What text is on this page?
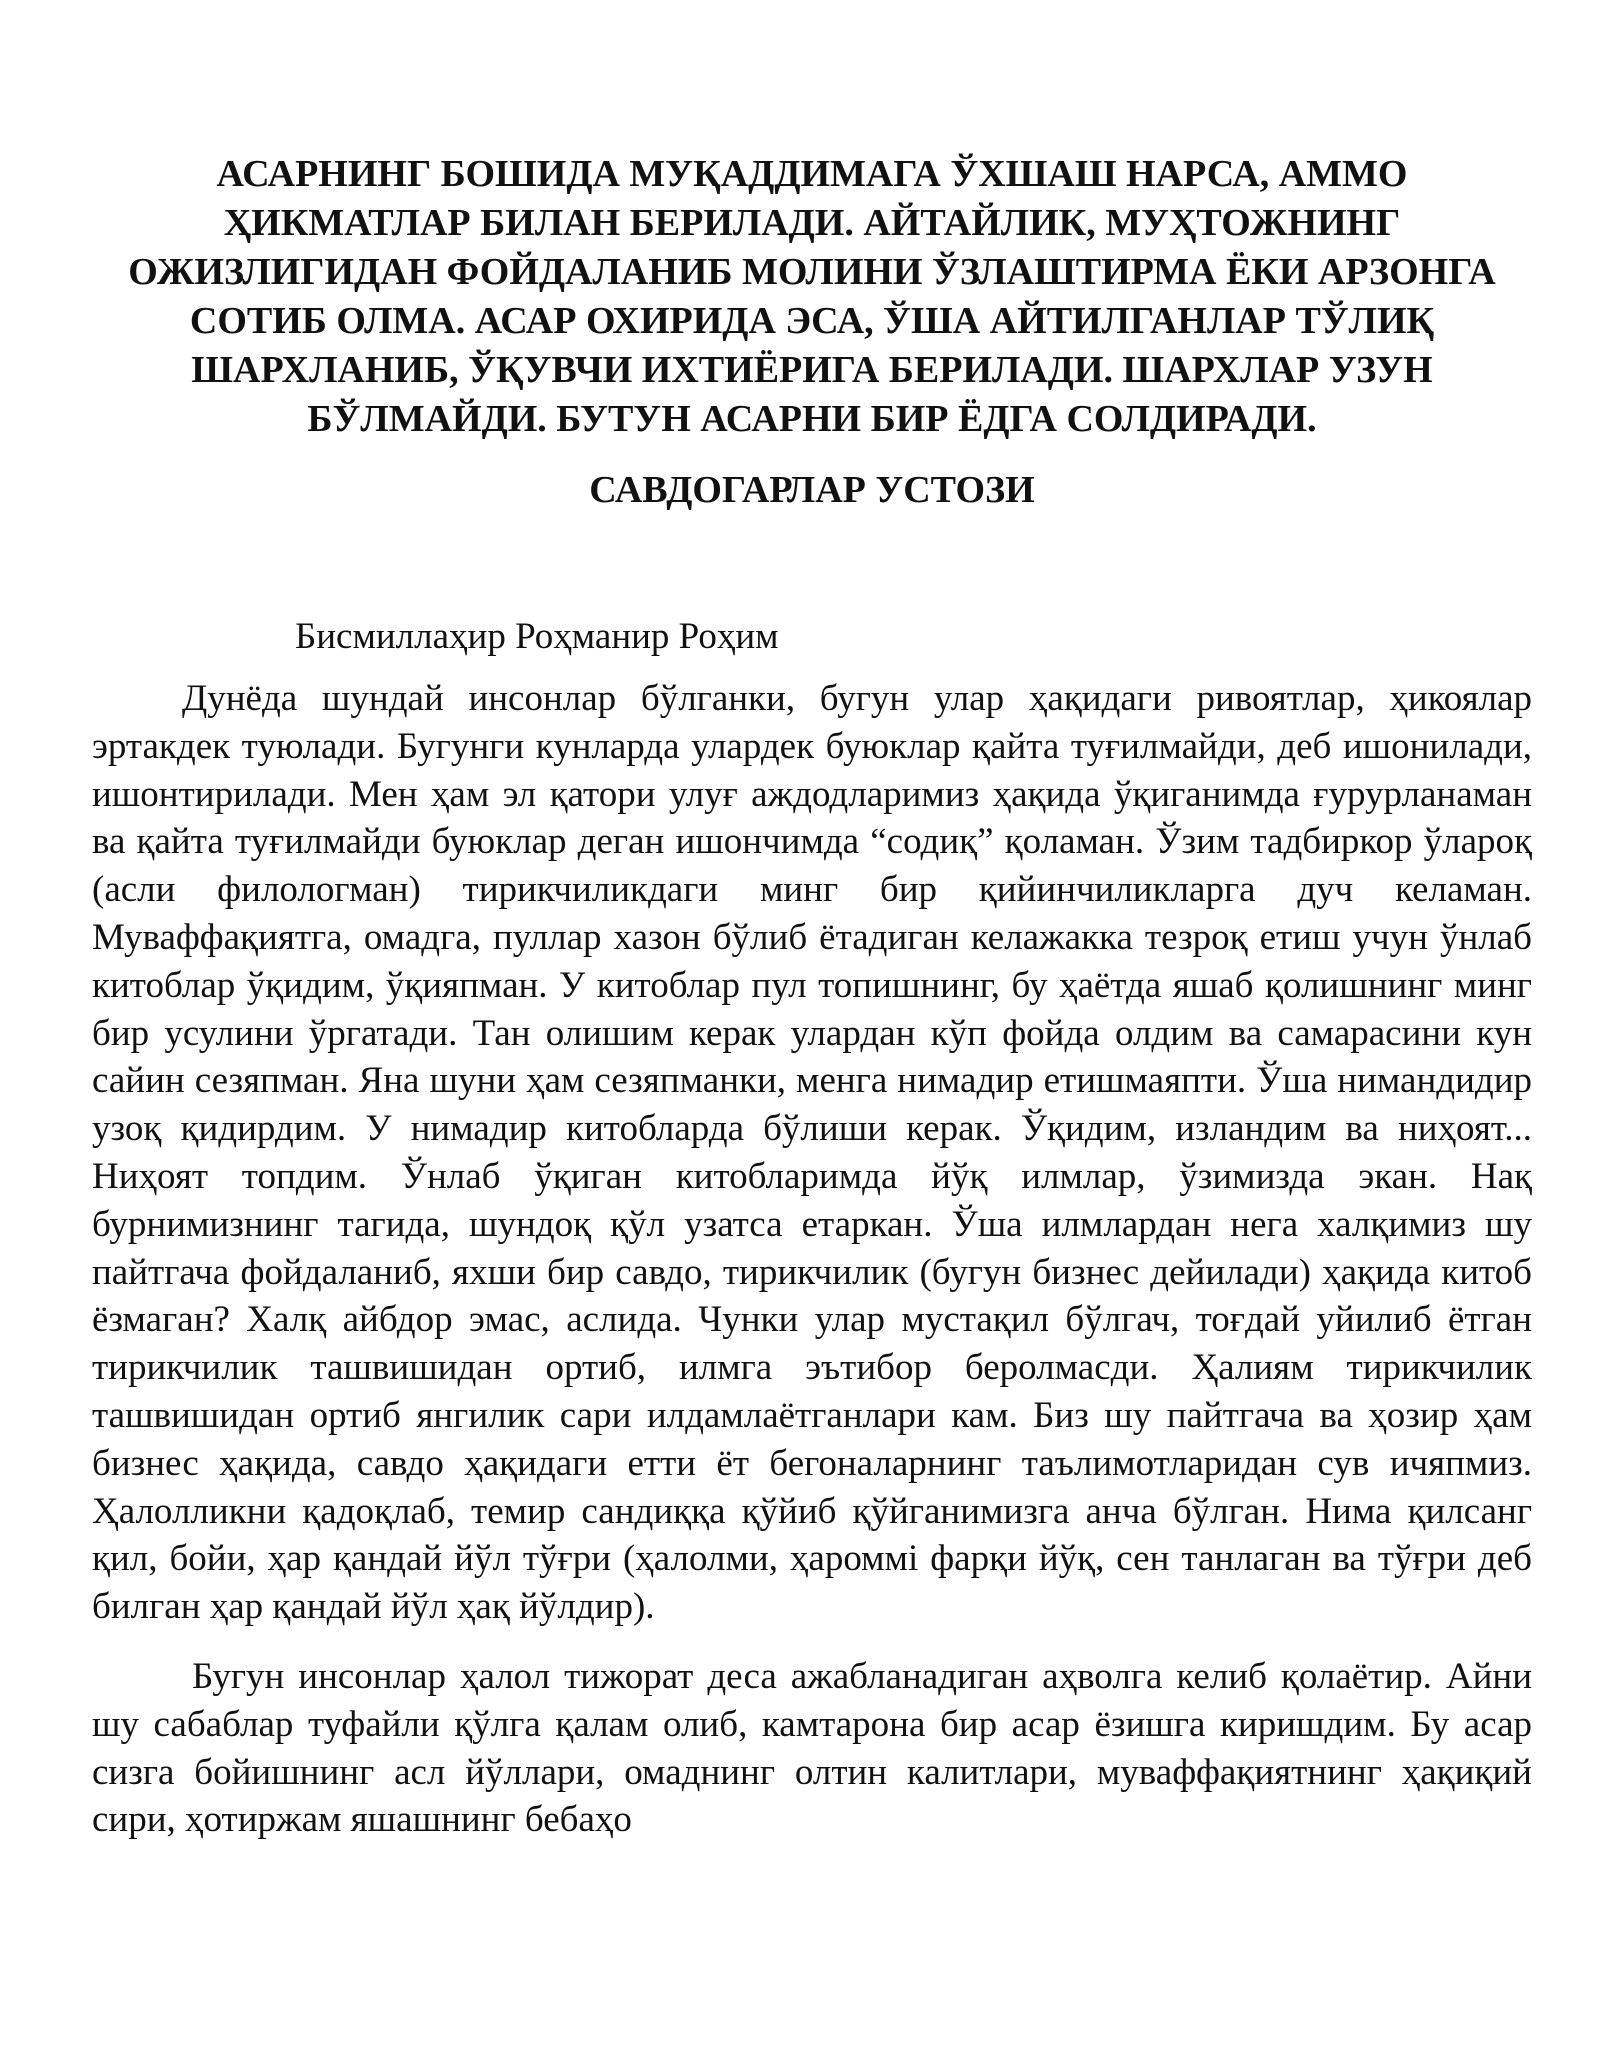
АСАРНИНГ БОШИДА МУҚАДДИМАГА ЎХШАШ НАРСА, АММО ҲИКМАТЛАР БИЛАН БЕРИЛАДИ. АЙТАЙЛИК, МУҲТОЖНИНГ ОЖИЗЛИГИДАН ФОЙДАЛАНИБ МОЛИНИ ЎЗЛАШТИРМА ЁКИ АРЗОНГА СОТИБ ОЛМА. АСАР ОХИРИДА ЭСА, ЎША АЙТИЛГАНЛАР ТЎЛИҚ ШАРХЛАНИБ, ЎҚУВЧИ ИХТИЁРИГА БЕРИЛАДИ. ШАРХЛАР УЗУН БЎЛМАЙДИ. БУТУН АСАРНИ БИР ЁДГА СОЛДИРАДИ.
САВДОГАРЛАР УСТОЗИ

Бисмиллаҳир Роҳманир Роҳим

Дунёда шундай инсонлар бўлганки, бугун улар ҳақидаги ривоятлар, ҳикоялар эртакдек туюлади. Бугунги кунларда улардек буюклар қайта туғилмайди, деб ишонилади, ишонтирилади. Мен ҳам эл қатори улуғ аждодларимиз ҳақида ўқиганимда ғурурланаман ва қайта туғилмайди буюклар деган ишончимда “содиқ” қоламан. Ўзим тадбиркор ўлароқ (асли филологман) тирикчиликдаги минг бир қийинчиликларга дуч келаман. Муваффақиятга, омадга, пуллар хазон бўлиб ётадиган келажакка тезроқ етиш учун ўнлаб китоблар ўқидим, ўқияпман. У китоблар пул топишнинг, бу ҳаётда яшаб қолишнинг минг бир усулини ўргатади. Тан олишим керак улардан кўп фойда олдим ва самарасини кун сайин сезяпман. Яна шуни ҳам сезяпманки, менга нимадир етишмаяпти. Ўша нимандидир узоқ қидирдим. У нимадир китобларда бўлиши керак. Ўқидим, изландим ва ниҳоят... Ниҳоят топдим. Ўнлаб ўқиган китобларимда йўқ илмлар, ўзимизда экан. Нақ бурнимизнинг тагида, шундоқ қўл узатса етаркан. Ўша илмлардан нега халқимиз шу пайтгача фойдаланиб, яхши бир савдо, тирикчилик (бугун бизнес дейилади) ҳақида китоб ёзмаган? Халқ айбдор эмас, аслида. Чунки улар мустақил бўлгач, тоғдай уйилиб ётган тирикчилик ташвишидан ортиб, илмга эътибор беролмасди. Ҳалиям тирикчилик ташвишидан ортиб янгилик сари илдамлаётганлари кам. Биз шу пайтгача ва ҳозир ҳам бизнес ҳақида, савдо ҳақидаги етти ёт бегоналарнинг таълимотларидан сув ичяпмиз. Ҳалолликни қадоқлаб, темир сандиққа қўйиб қўйганимизга анча бўлган. Нима қилсанг қил, бойи, ҳар қандай йўл тўғри (ҳалолми, ҳароммi фарқи йўқ, сен танлаган ва тўғри деб билган ҳар қандай йўл ҳақ йўлдир).

Бугун инсонлар ҳалол тижорат деса ажабланадиган аҳволга келиб қолаётир. Айни шу сабаблар туфайли қўлга қалам олиб, камтарона бир асар ёзишга киришдим. Бу асар сизга бойишнинг асл йўллари, омаднинг олтин калитлари, муваффақиятнинг ҳақиқий сири, ҳотиржам яшашнинг бебаҳо
